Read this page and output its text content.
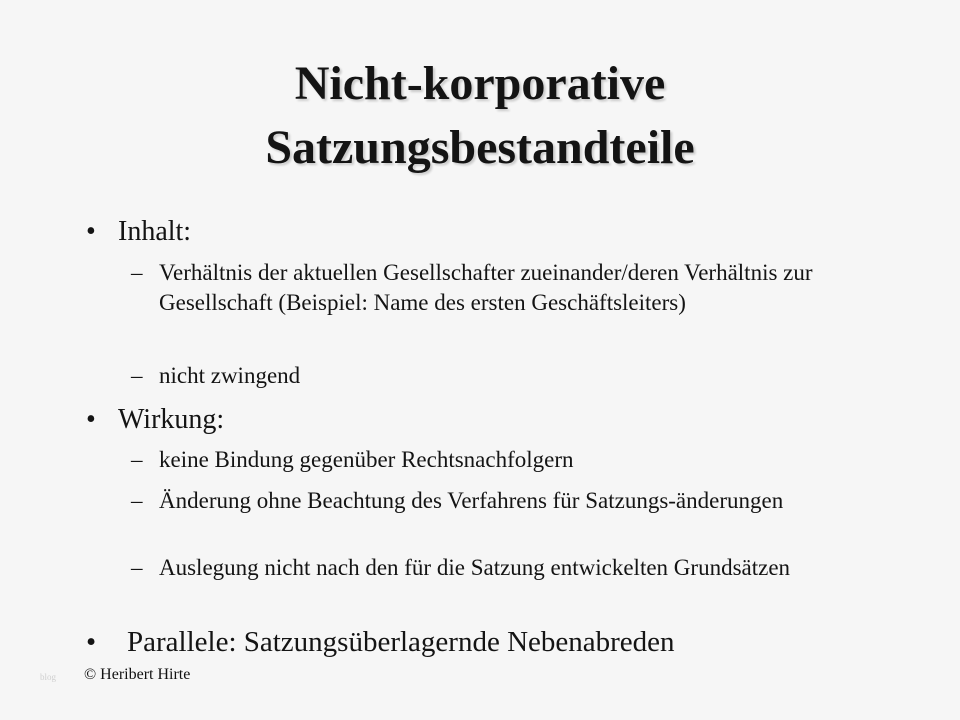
Nicht-korporative
Satzungsbestandteile
• Inhalt:
– Verhältnis der aktuellen Gesellschafter zueinander/deren Verhältnis zur Gesellschaft (Beispiel: Name des ersten Geschäftsleiters)
– nicht zwingend
• Wirkung:
– keine Bindung gegenüber Rechtsnachfolgern
– Änderung ohne Beachtung des Verfahrens für Satzungs-änderungen
– Auslegung nicht nach den für die Satzung entwickelten Grundsätzen
• Parallele: Satzungsüberlagernde Nebenabreden
blog © Heribert Hirte
